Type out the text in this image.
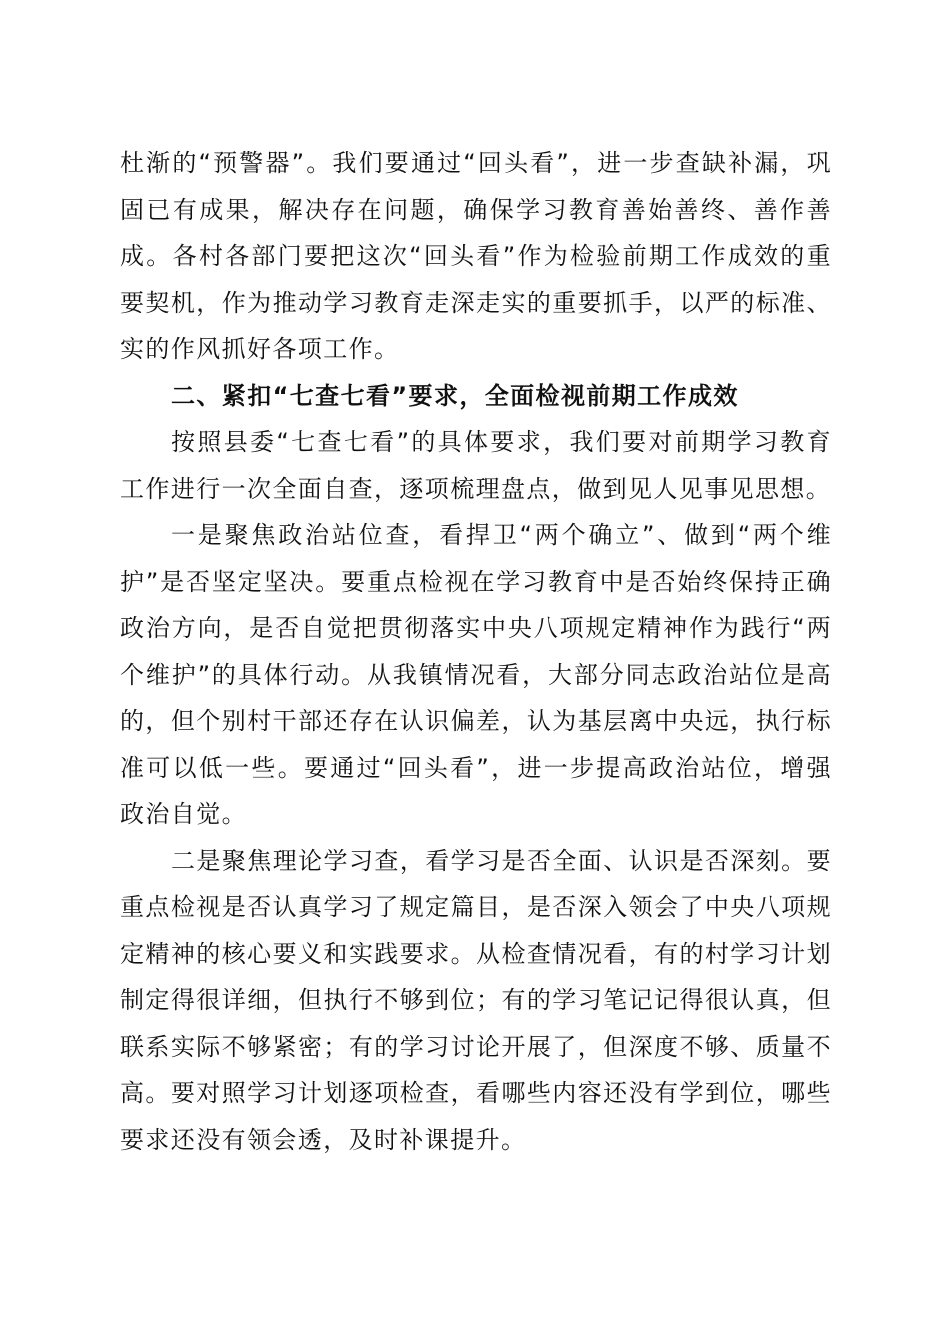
杜渐的“预警器”。我们要通过“回头看”，进一步查缺补漏，巩固已有成果，解决存在问题，确保学习教育善始善终、善作善成。各村各部门要把这次“回头看”作为检验前期工作成效的重要契机，作为推动学习教育走深走实的重要抓手，以严的标准、实的作风抓好各项工作。

二、紧扣“七查七看”要求，全面检视前期工作成效

按照县委“七查七看”的具体要求，我们要对前期学习教育工作进行一次全面自查，逐项梳理盘点，做到见人见事见思想。

一是聚焦政治站位查，看捍卫“两个确立”、做到“两个维护”是否坚定坚决。要重点检视在学习教育中是否始终保持正确政治方向，是否自觉把贯彻落实中央八项规定精神作为践行“两个维护”的具体行动。从我镇情况看，大部分同志政治站位是高的，但个别村干部还存在认识偏差，认为基层离中央远，执行标准可以低一些。要通过“回头看”，进一步提高政治站位，增强政治自觉。

二是聚焦理论学习查，看学习是否全面、认识是否深刻。要重点检视是否认真学习了规定篇目，是否深入领会了中央八项规定精神的核心要义和实践要求。从检查情况看，有的村学习计划制定得很详细，但执行不够到位；有的学习笔记记得很认真，但联系实际不够紧密；有的学习讨论开展了，但深度不够、质量不高。要对照学习计划逐项检查，看哪些内容还没有学到位，哪些要求还没有领会透，及时补课提升。
